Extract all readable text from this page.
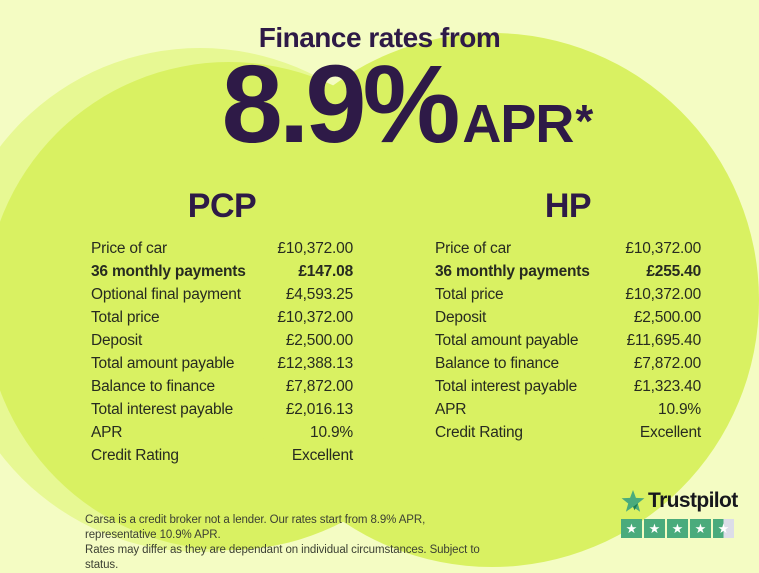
Finance rates from
8.9% APR *
PCP
Price of car	£10,372.00
36 monthly payments	£147.08
Optional final payment	£4,593.25
Total price	£10,372.00
Deposit	£2,500.00
Total amount payable	£12,388.13
Balance to finance	£7,872.00
Total interest payable	£2,016.13
APR	10.9%
Credit Rating	Excellent
HP
Price of car	£10,372.00
36 monthly payments	£255.40
Total price	£10,372.00
Deposit	£2,500.00
Total amount payable	£11,695.40
Balance to finance	£7,872.00
Total interest payable	£1,323.40
APR	10.9%
Credit Rating	Excellent
Carsa is a credit broker not a lender. Our rates start from 8.9% APR, representative 10.9% APR.
Rates may differ as they are dependant on individual circumstances. Subject to status.
Trustpilot
★ ★ ★ ★ ★
